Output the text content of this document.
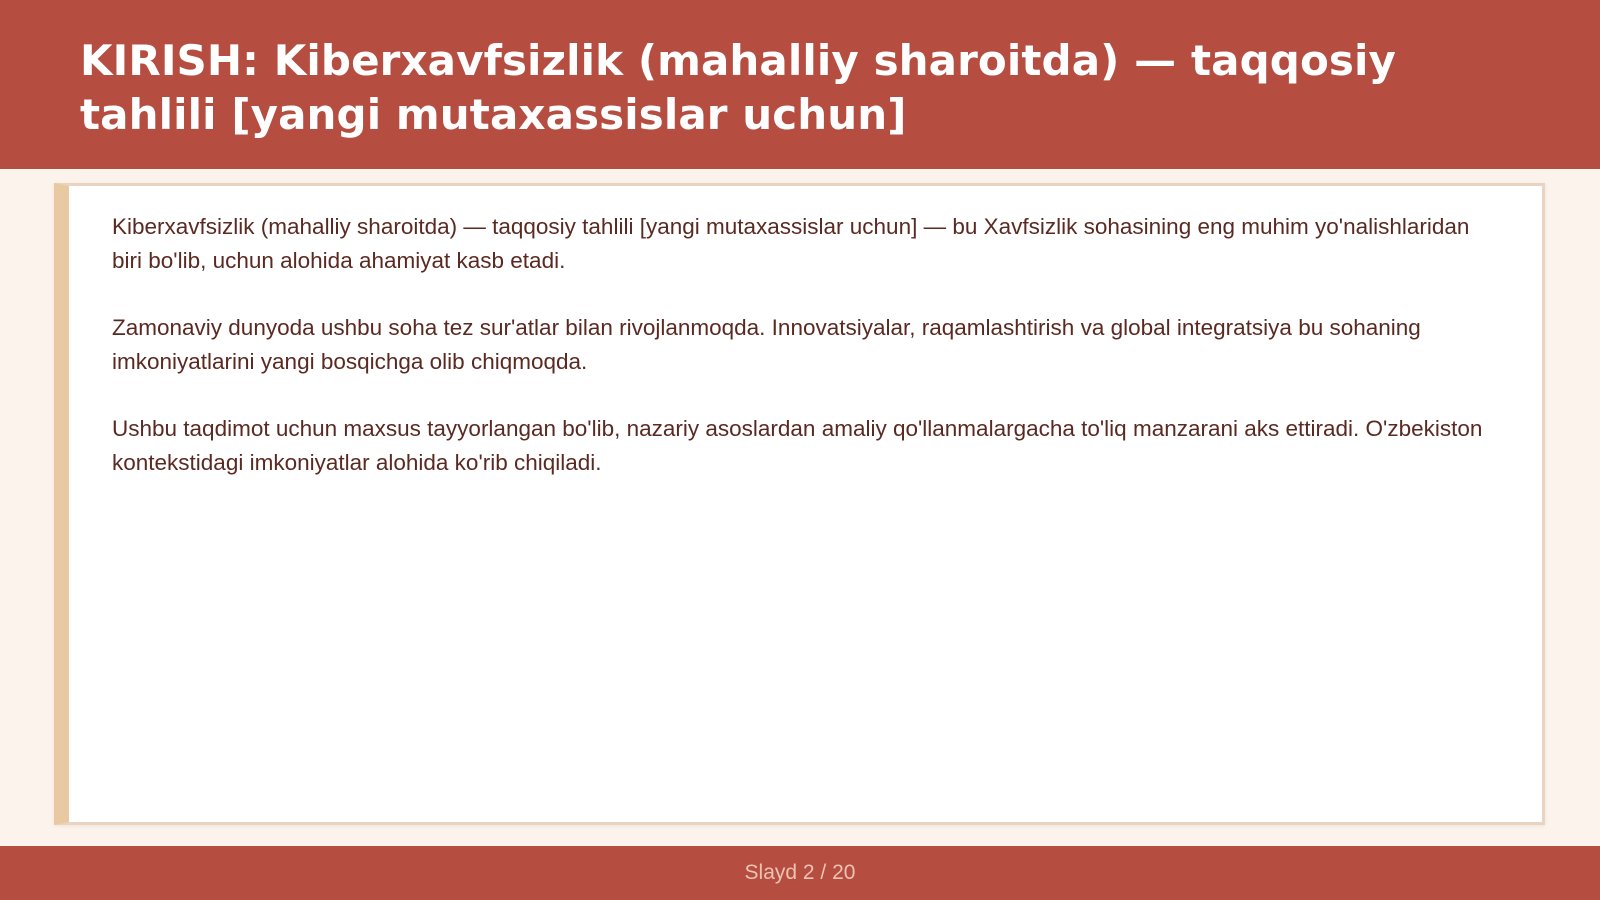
KIRISH: Kiberxavfsizlik (mahalliy sharoitda) — taqqosiy tahlili [yangi mutaxassislar uchun]

Kiberxavfsizlik (mahalliy sharoitda) — taqqosiy tahlili [yangi mutaxassislar uchun] — bu Xavfsizlik sohasining eng muhim yo'nalishlaridan biri bo'lib, uchun alohida ahamiyat kasb etadi.

Zamonaviy dunyoda ushbu soha tez sur'atlar bilan rivojlanmoqda. Innovatsiyalar, raqamlashtirish va global integratsiya bu sohaning imkoniyatlarini yangi bosqichga olib chiqmoqda.

Ushbu taqdimot uchun maxsus tayyorlangan bo'lib, nazariy asoslardan amaliy qo'llanmalargacha to'liq manzarani aks ettiradi. O'zbekiston kontekstidagi imkoniyatlar alohida ko'rib chiqiladi.

Slayd 2 / 20
